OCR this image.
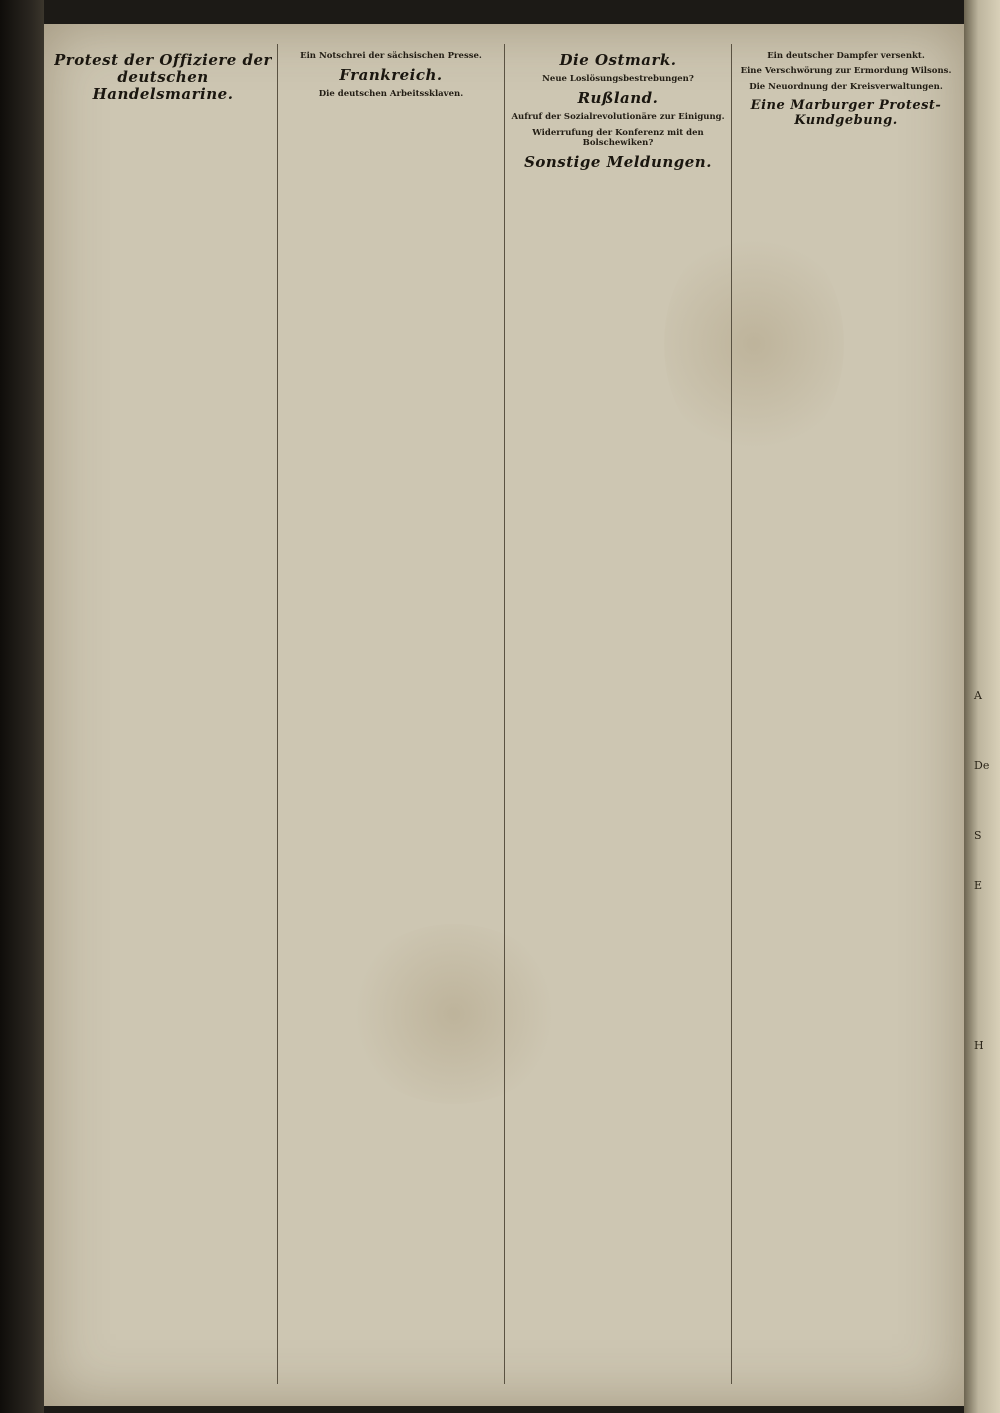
Protest der Offiziere der deutschen Handelsmarine.

Ein Notschrei der sächsischen Presse.

Frankreich.

Die deutschen Arbeitssklaven.

Die Ostmark.

Neue Loslösungsbestrebungen?

Rußland.

Aufruf der Sozialrevolutionäre zur Einigung.

Widerrufung der Konferenz mit den Bolschewiken?

Sonstige Meldungen.

Ein deutscher Dampfer versenkt.

Eine Verschwörung zur Ermordung Wilsons.

Die Neuordnung der Kreisverwaltungen.

Eine Marburger Protest-Kundgebung.

A
De
S
E
H
